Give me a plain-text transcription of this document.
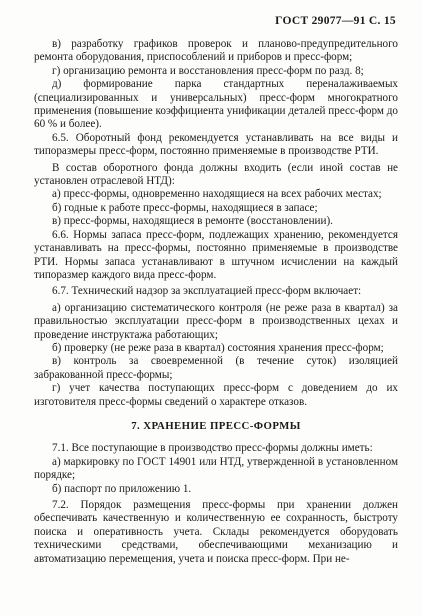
ГОСТ 29077—91 С. 15

в) разработку графиков проверок и планово-предупредительного ремонта оборудования, приспособлений и приборов и пресс-форм;

г) организацию ремонта и восстановления пресс-форм по разд. 8;

д) формирование парка стандартных переналаживаемых (специализированных и универсальных) пресс-форм многократного применения (повышение коэффициента унификации деталей пресс-форм до 60 % и более).

6.5. Оборотный фонд рекомендуется устанавливать на все виды и типоразмеры пресс-форм, постоянно применяемые в производстве РТИ.

В состав оборотного фонда должны входить (если иной состав не установлен отраслевой НТД):

а) пресс-формы, одновременно находящиеся на всех рабочих местах;

б) годные к работе пресс-формы, находящиеся в запасе;

в) пресс-формы, находящиеся в ремонте (восстановлении).

6.6. Нормы запаса пресс-форм, подлежащих хранению, рекомендуется устанавливать на пресс-формы, постоянно применяемые в производстве РТИ. Нормы запаса устанавливают в штучном исчислении на каждый типоразмер каждого вида пресс-форм.

6.7. Технический надзор за эксплуатацией пресс-форм включает:

а) организацию систематического контроля (не реже раза в квартал) за правильностью эксплуатации пресс-форм в производственных цехах и проведение инструктажа работающих;

б) проверку (не реже раза в квартал) состояния хранения пресс-форм;

в) контроль за своевременной (в течение суток) изоляцией забракованной пресс-формы;

г) учет качества поступающих пресс-форм с доведением до их изготовителя пресс-формы сведений о характере отказов.

7. ХРАНЕНИЕ ПРЕСС-ФОРМЫ

7.1. Все поступающие в производство пресс-формы должны иметь:

а) маркировку по ГОСТ 14901 или НТД, утвержденной в установленном порядке;

б) паспорт по приложению 1.

7.2. Порядок размещения пресс-формы при хранении должен обеспечивать качественную и количественную ее сохранность, быстроту поиска и оперативность учета. Склады рекомендуется оборудовать техническими средствами, обеспечивающими механизацию и автоматизацию перемещения, учета и поиска пресс-форм. При не-
